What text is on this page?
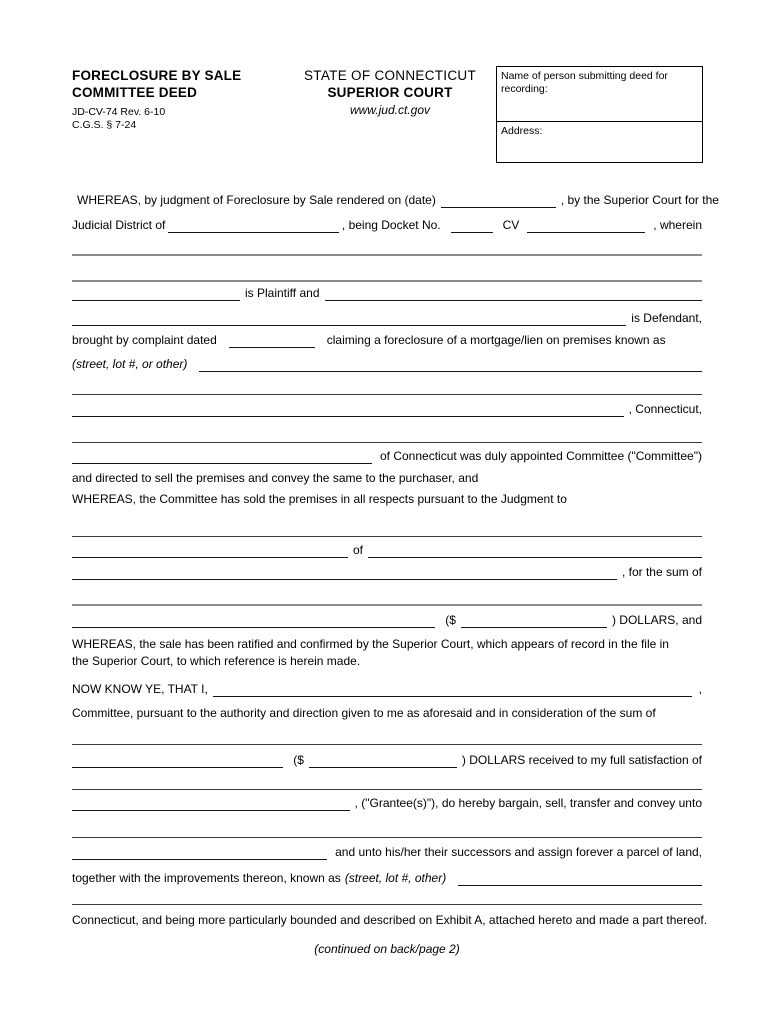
FORECLOSURE BY SALE
COMMITTEE DEED
JD-CV-74 Rev. 6-10
C.G.S. § 7-24
STATE OF CONNECTICUT
SUPERIOR COURT
www.jud.ct.gov
Name of person submitting deed for recording:
Address:
WHEREAS, by judgment of Foreclosure by Sale rendered on (date)	, by the Superior Court for the
Judicial District of	, being Docket No.	CV	, wherein
is Plaintiff and
is Defendant,
brought by complaint dated	claiming a foreclosure of a mortgage/lien on premises known as
(street, lot #, or other)
, Connecticut,
of Connecticut was duly appointed Committee ("Committee")
and directed to sell the premises and convey the same to the purchaser, and
WHEREAS, the Committee has sold the premises in all respects pursuant to the Judgment to
of
, for the sum of
($	) DOLLARS, and
WHEREAS, the sale has been ratified and confirmed by the Superior Court, which appears of record in the file in the Superior Court, to which reference is herein made.
NOW KNOW YE, THAT I,	,
Committee, pursuant to the authority and direction given to me as aforesaid and in consideration of the sum of
($	) DOLLARS received to my full satisfaction of
, ("Grantee(s)"), do hereby bargain, sell, transfer and convey unto
and unto his/her their successors and assign forever a parcel of land,
together with the improvements thereon, known as (street, lot #, other)
Connecticut, and being more particularly bounded and described on Exhibit A, attached hereto and made a part thereof.
(continued on back/page 2)
